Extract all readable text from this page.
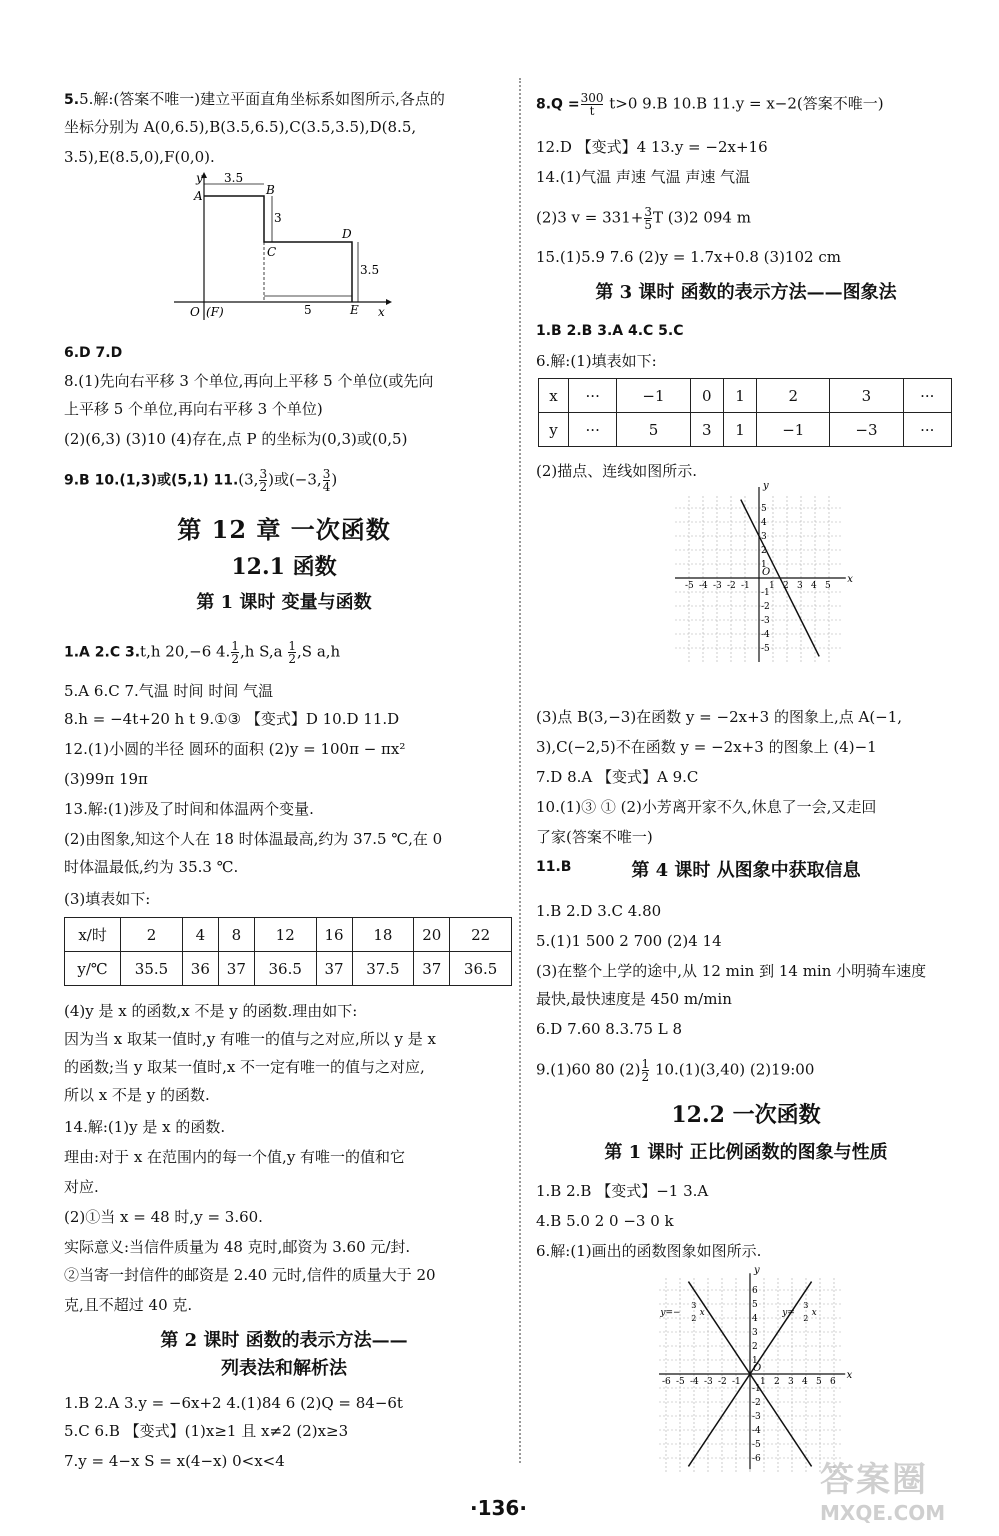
5.5.解:(答案不唯一)建立平面直角坐标系如图所示,各点的
坐标分别为 A(0,6.5),B(3.5,6.5),C(3.5,3.5),D(8.5,
3.5),E(8.5,0),F(0,0).
y 3.5
A	B
3
C
D
3.5
5	E
O (F)	x
6.D 7.D
8.(1)先向右平移 3 个单位,再向上平移 5 个单位(或先向
上平移 5 个单位,再向右平移 3 个单位)
(2)(6,3) (3)10 (4)存在,点 P 的坐标为(0,3)或(0,5)
9.B 10.(1,3)或(5,1) 11.(3, $\frac{3}{2}$ )或(−3, $\frac{3}{4}$ )
第 12 章 一次函数
12.1 函数
第 1 课时 变量与函数
1.A 2.C 3.t,h 20,−6 4. $\frac{1}{2} ,h$ $S,a \frac{1}{2} ,S$ a,h
5.A 6.C 7.气温 时间 时间 气温
8.h = −4t+20 h t 9.①③ 【变式】D 10.D 11.D
12.(1)小圆的半径 圆环的面积 (2)y = 100π − πx²
(3)99π 19π
13.解:(1)涉及了时间和体温两个变量.
(2)由图象,知这个人在 18 时体温最高,约为 37.5 ℃,在 0
时体温最低,约为 35.3 ℃.
(3)填表如下:
x/时	2	4	8	12	16	18	20	22
y/℃	35.5	36	37	36.5	37	37.5	37	36.5
(4)y 是 x 的函数,x 不是 y 的函数.理由如下:
因为当 x 取某一值时,y 有唯一的值与之对应,所以 y 是 x
的函数;当 y 取某一值时,x 不一定有唯一的值与之对应,
所以 x 不是 y 的函数.
14.解:(1)y 是 x 的函数.
理由:对于 x 在范围内的每一个值,y 有唯一的值和它
对应.
(2)①当 x = 48 时,y = 3.60.
实际意义:当信件质量为 48 克时,邮资为 3.60 元/封.
②当寄一封信件的邮资是 2.40 元时,信件的质量大于 20
克,且不超过 40 克.
第 2 课时 函数的表示方法——
列表法和解析法
1.B 2.A 3.y = −6x+2 4.(1)84 6 (2)Q = 84−6t
5.C 6.B 【变式】(1)x≥1 且 x≠2 (2)x≥3
7.y = 4−x S = x(4−x) 0<x<4
$8.Q = \frac{300}{t} t>0$ 9.B 10.B 11.y = x−2(答案不唯一)
12.D 【变式】4 13.y = −2x+16
14.(1)气温 声速 气温 声速 气温
(2)3 $v = 331+ \frac{3}{5}$ T (3)2 094 m
15.(1)5.9 7.6 (2)y = 1.7x+0.8 (3)102 cm
第 3 课时 函数的表示方法——图象法
1.B 2.B 3.A 4.C 5.C
6.解:(1)填表如下:
x	···	−1	0	1	2	3	···
y	···	5	3	1	−1	−3	···
(2)描点、连线如图所示.
-5
-5
-4
-4
-3
-3
-2
-2
-1
-1
1
1
2
2
3
3
4
4
5
5
O
x
y
(3)点 B(3,−3)在函数 y = −2x+3 的图象上,点 A(−1,
3),C(−2,5)不在函数 y = −2x+3 的图象上 (4)−1
7.D 8.A 【变式】A 9.C
10.(1)③ ① (2)小芳离开家不久,休息了一会,又走回
了家(答案不唯一)
11.B	第 4 课时 从图象中获取信息
1.B 2.D 3.C 4.80
5.(1)1 500 2 700 (2)4 14
(3)在整个上学的途中,从 12 min 到 14 min 小明骑车速度
最快,最快速度是 450 m/min
6.D 7.60 8.3.75 L 8
9.(1)60 80 $(2) \frac{1}{2} 10.(1)(3,40)$ (2)19:00
12.2 一次函数
第 1 课时 正比例函数的图象与性质
1.B 2.B 【变式】−1 3.A
4.B 5.0 2 0 −3 0 k
6.解:(1)画出的函数图象如图所示.
-6
-6
-5
-5
-4
-4
-3
-3
-2
-2
-1
-1
1
1
2
2
3
3
4
4
5
5
6
6
O
x
y
y=−
3
2
x	y=
3
2
x
·136·
答案圈
MXQE.COM
